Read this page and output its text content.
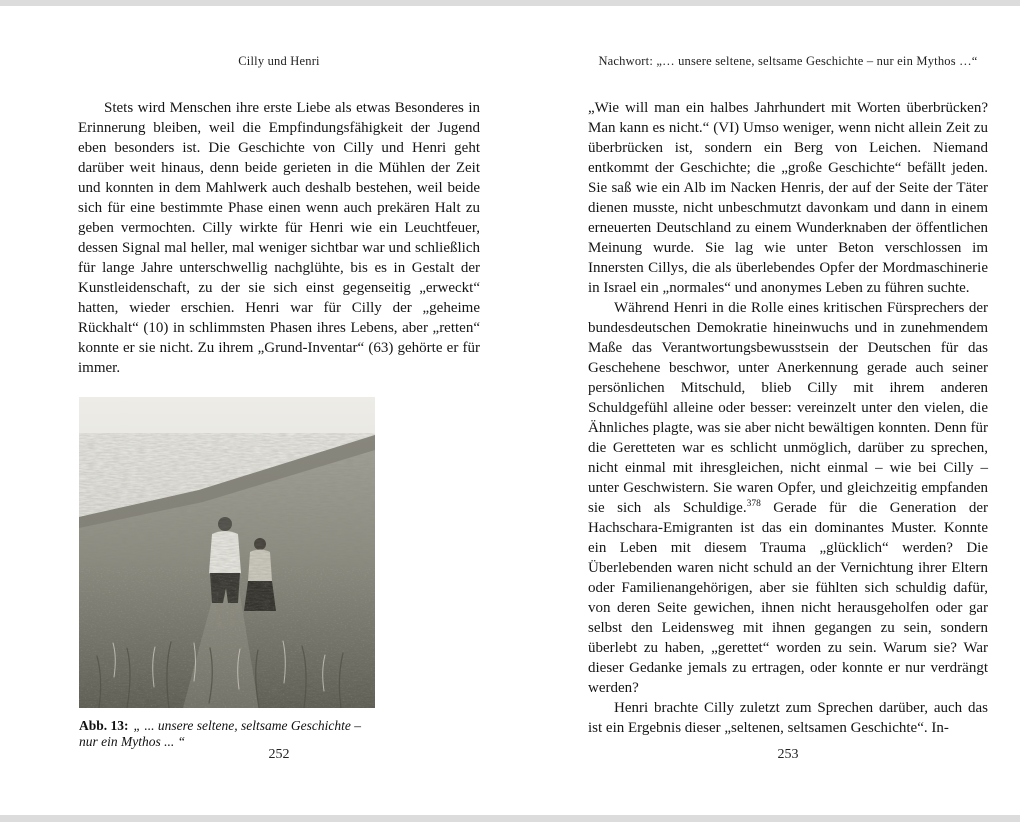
Cilly und Henri

Stets wird Menschen ihre erste Liebe als etwas Besonderes in Erinnerung bleiben, weil die Empfindungsfähigkeit der Jugend eben besonders ist. Die Geschichte von Cilly und Henri geht darüber weit hinaus, denn beide gerieten in die Mühlen der Zeit und konnten in dem Mahlwerk auch deshalb bestehen, weil beide sich für eine bestimmte Phase einen wenn auch prekären Halt zu geben vermochten. Cilly wirkte für Henri wie ein Leuchtfeuer, dessen Signal mal heller, mal weniger sichtbar war und schließlich für lange Jahre unterschwellig nachglühte, bis es in Gestalt der Kunstleidenschaft, zu der sie sich einst gegenseitig „erweckt“ hatten, wieder erschien. Henri war für Cilly der „geheime Rückhalt“ (10) in schlimmsten Phasen ihres Lebens, aber „retten“ konnte er sie nicht. Zu ihrem „Grund-Inventar“ (63) gehörte er für immer.

Abb. 13: „ ... unsere seltene, seltsame Geschichte – nur ein Mythos ... “
252
Nachwort: „… unsere seltene, seltsame Geschichte – nur ein Mythos …“

„Wie will man ein halbes Jahrhundert mit Worten überbrücken? Man kann es nicht.“ (VI) Umso weniger, wenn nicht allein Zeit zu überbrücken ist, sondern ein Berg von Leichen. Niemand entkommt der Geschichte; die „große Geschichte“ befällt jeden. Sie saß wie ein Alb im Nacken Henris, der auf der Seite der Täter dienen musste, nicht unbeschmutzt davonkam und dann in einem erneuerten Deutschland zu einem Wunderknaben der öffentlichen Meinung wurde. Sie lag wie unter Beton verschlossen im Innersten Cillys, die als überlebendes Opfer der Mordmaschinerie in Israel ein „normales“ und anonymes Leben zu führen suchte.

Während Henri in die Rolle eines kritischen Fürsprechers der bundesdeutschen Demokratie hineinwuchs und in zunehmendem Maße das Verantwortungsbewusstsein der Deutschen für das Geschehene beschwor, unter Anerkennung gerade auch seiner persönlichen Mitschuld, blieb Cilly mit ihrem anderen Schuldgefühl alleine oder besser: vereinzelt unter den vielen, die Ähnliches plagte, was sie aber nicht bewältigen konnten. Denn für die Geretteten war es schlicht unmöglich, darüber zu sprechen, nicht einmal mit ihresgleichen, nicht einmal – wie bei Cilly – unter Geschwistern. Sie waren Opfer, und gleichzeitig empfanden sie sich als Schuldige.$^{378}$ Gerade für die Generation der Hachschara-Emigranten ist das ein dominantes Muster. Konnte ein Leben mit diesem Trauma „glücklich“ werden? Die Überlebenden waren nicht schuld an der Vernichtung ihrer Eltern oder Familienangehörigen, aber sie fühlten sich schuldig dafür, von deren Seite gewichen, ihnen nicht herausgeholfen oder gar selbst den Leidensweg mit ihnen gegangen zu sein, sondern überlebt zu haben, „gerettet“ worden zu sein. Warum sie? War dieser Gedanke jemals zu ertragen, oder konnte er nur verdrängt werden?

Henri brachte Cilly zuletzt zum Sprechen darüber, auch das ist ein Ergebnis dieser „seltenen, seltsamen Geschichte“. In-

253
